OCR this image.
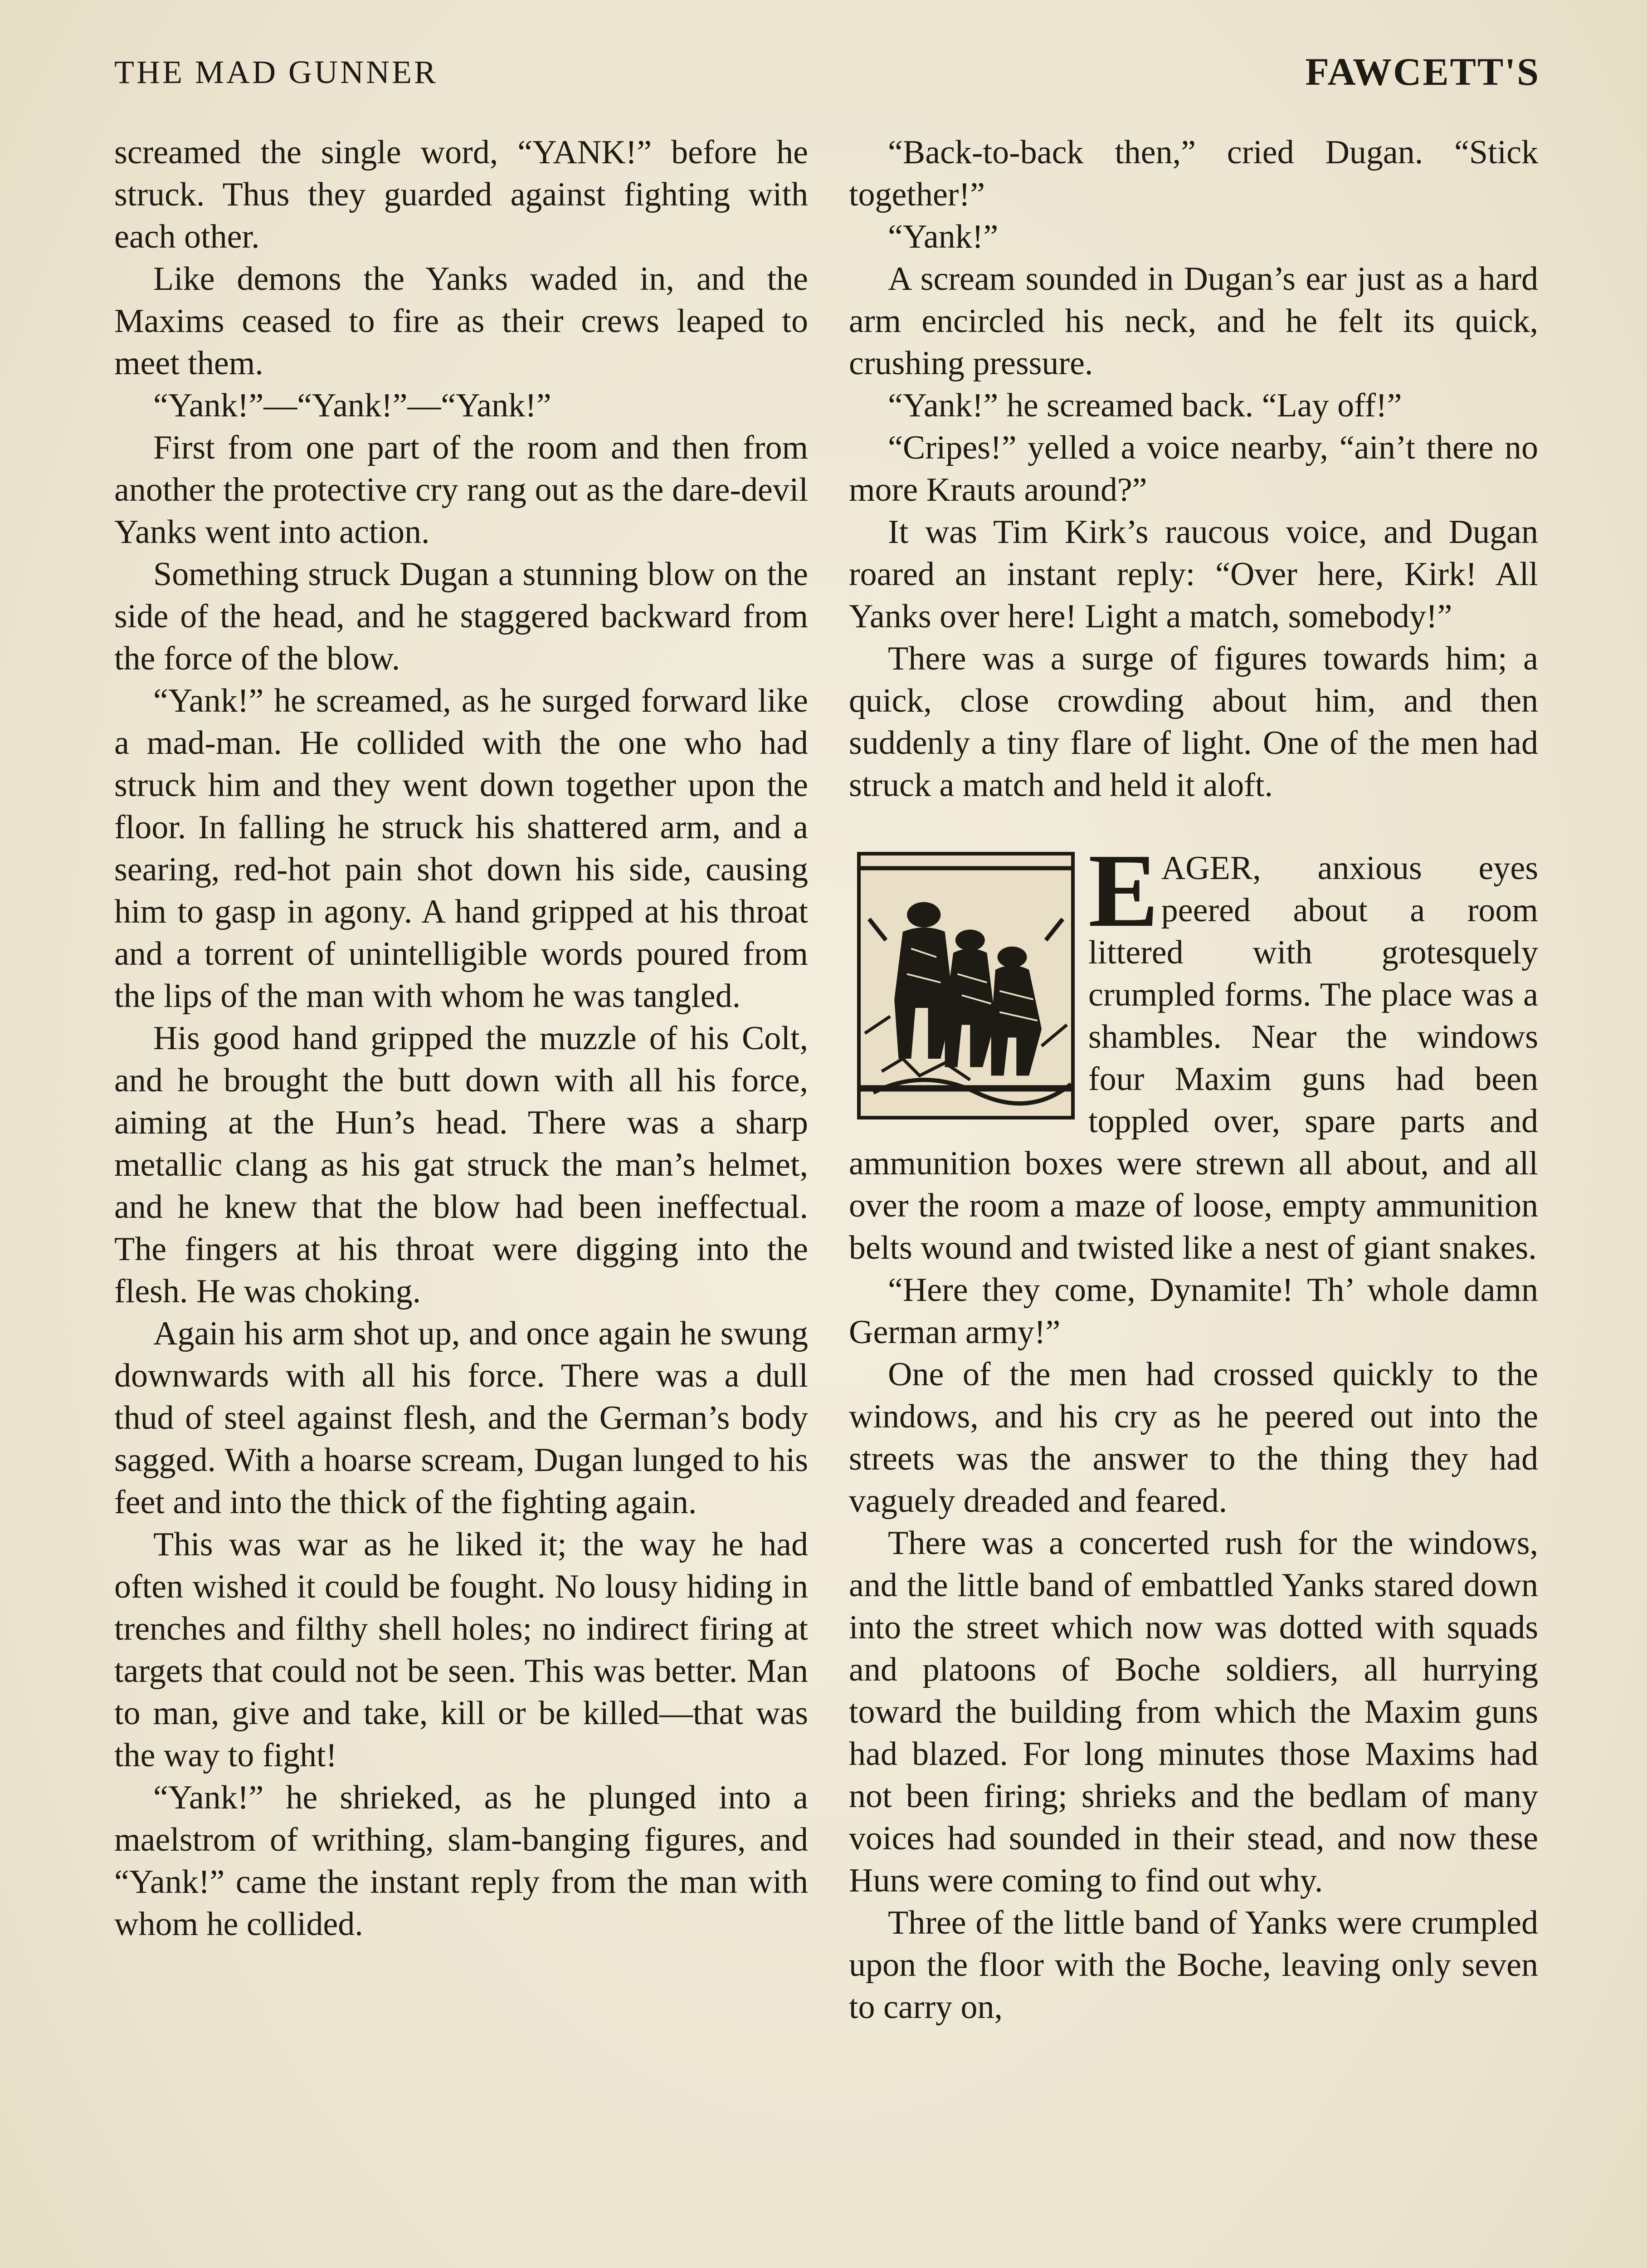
THE MAD GUNNER	FAWCETT'S

screamed the single word, “YANK!” before he struck. Thus they guarded against fighting with each other.

Like demons the Yanks waded in, and the Maxims ceased to fire as their crews leaped to meet them.

“Yank!”—“Yank!”—“Yank!”

First from one part of the room and then from another the protective cry rang out as the dare-devil Yanks went into action.

Something struck Dugan a stunning blow on the side of the head, and he staggered backward from the force of the blow.

“Yank!” he screamed, as he surged forward like a mad-man. He collided with the one who had struck him and they went down together upon the floor. In falling he struck his shattered arm, and a searing, red-hot pain shot down his side, causing him to gasp in agony. A hand gripped at his throat and a torrent of unintelligible words poured from the lips of the man with whom he was tangled.

His good hand gripped the muzzle of his Colt, and he brought the butt down with all his force, aiming at the Hun’s head. There was a sharp metallic clang as his gat struck the man’s helmet, and he knew that the blow had been ineffectual. The fingers at his throat were digging into the flesh. He was choking.

Again his arm shot up, and once again he swung downwards with all his force. There was a dull thud of steel against flesh, and the German’s body sagged. With a hoarse scream, Dugan lunged to his feet and into the thick of the fighting again.

This was war as he liked it; the way he had often wished it could be fought. No lousy hiding in trenches and filthy shell holes; no indirect firing at targets that could not be seen. This was better. Man to man, give and take, kill or be killed—that was the way to fight!

“Yank!” he shrieked, as he plunged into a maelstrom of writhing, slam-banging figures, and “Yank!” came the instant reply from the man with whom he collided.

“Back-to-back then,” cried Dugan. “Stick together!”

“Yank!”

A scream sounded in Dugan’s ear just as a hard arm encircled his neck, and he felt its quick, crushing pressure.

“Yank!” he screamed back. “Lay off!”

“Cripes!” yelled a voice nearby, “ain’t there no more Krauts around?”

It was Tim Kirk’s raucous voice, and Dugan roared an instant reply: “Over here, Kirk! All Yanks over here! Light a match, somebody!”

There was a surge of figures towards him; a quick, close crowding about him, and then suddenly a tiny flare of light. One of the men had struck a match and held it aloft.

E AGER, anxious eyes peered about a room littered with grotesquely crumpled forms. The place was a shambles. Near the windows four Maxim guns had been toppled over, spare parts and ammunition boxes were strewn all about, and all over the room a maze of loose, empty ammunition belts wound and twisted like a nest of giant snakes.

“Here they come, Dynamite! Th’ whole damn German army!”

One of the men had crossed quickly to the windows, and his cry as he peered out into the streets was the answer to the thing they had vaguely dreaded and feared.

There was a concerted rush for the windows, and the little band of embattled Yanks stared down into the street which now was dotted with squads and platoons of Boche soldiers, all hurrying toward the building from which the Maxim guns had blazed. For long minutes those Maxims had not been firing; shrieks and the bedlam of many voices had sounded in their stead, and now these Huns were coming to find out why.

Three of the little band of Yanks were crumpled upon the floor with the Boche, leaving only seven to carry on,
